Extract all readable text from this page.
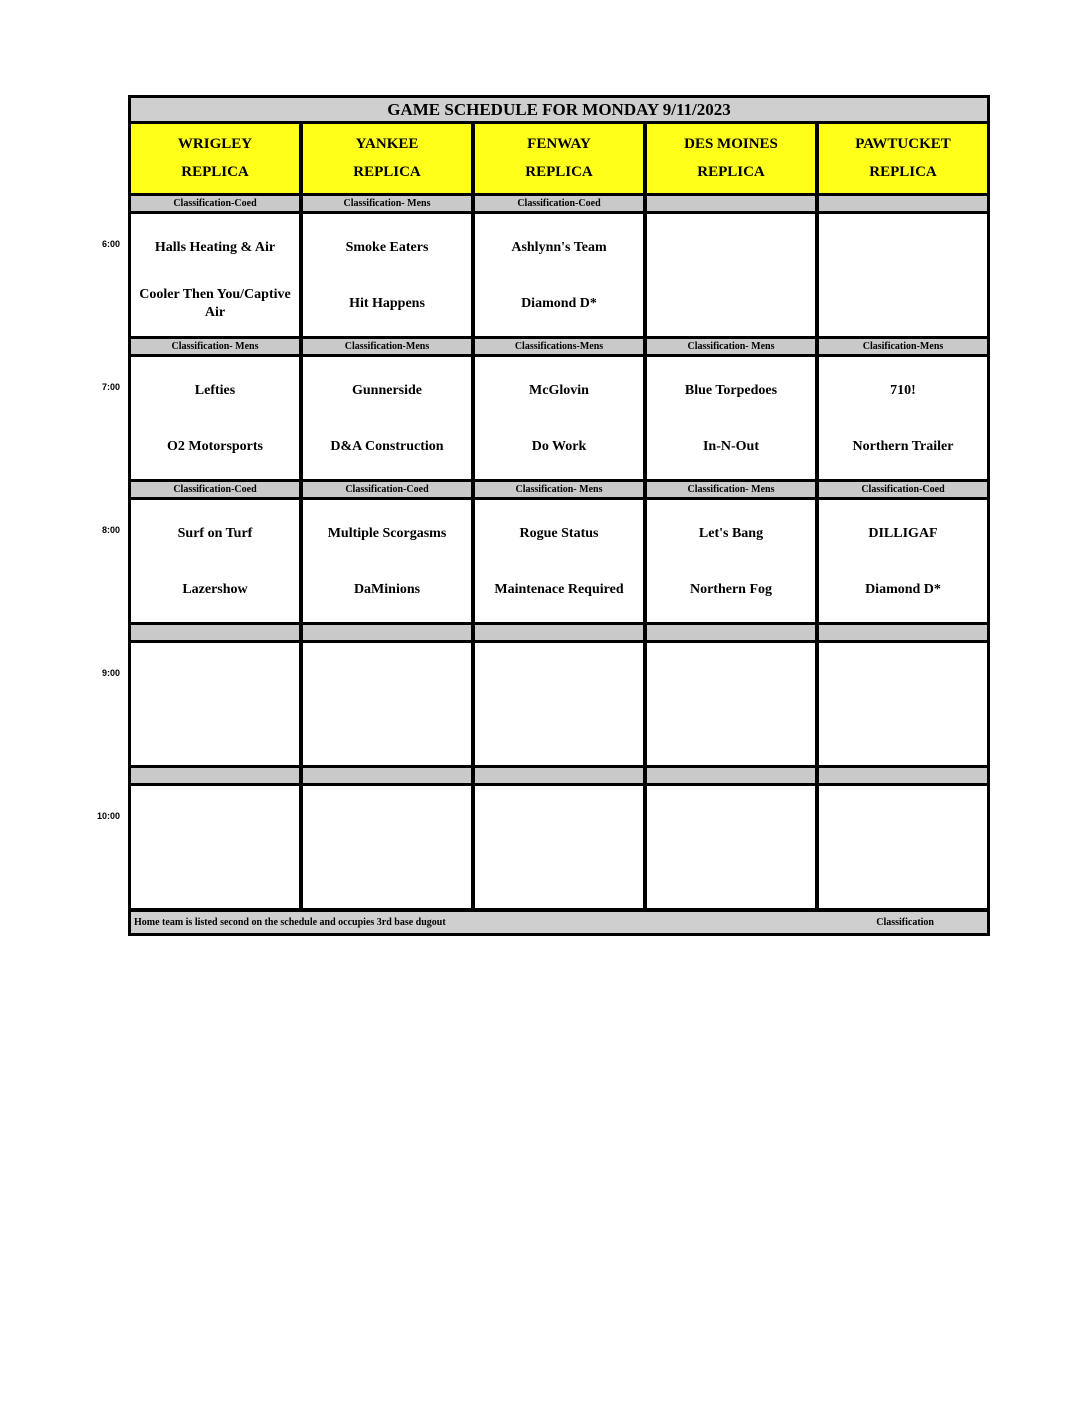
GAME SCHEDULE FOR MONDAY 9/11/2023
Home team is listed second on the schedule and occupies 3rd base dugout	Classification
WRIGLEY
REPLICA
YANKEE
REPLICA
FENWAY
REPLICA
DES MOINES
REPLICA
PAWTUCKET
REPLICA
Classification-Coed
Halls Heating & Air
Cooler Then You/Captive Air
Classification- Mens
Smoke Eaters
Hit Happens
Classification-Coed
Ashlynn's Team
Diamond D*
Classification- Mens
Lefties
O2 Motorsports
Classification-Mens
Gunnerside
D&A Construction
Classifications-Mens
McGlovin
Do Work
Classification- Mens
Blue Torpedoes
In-N-Out
Clasification-Mens
710!
Northern Trailer
Classification-Coed
Surf on Turf
Lazershow
Classification-Coed
Multiple Scorgasms
DaMinions
Classification- Mens
Rogue Status
Maintenace Required
Classification- Mens
Let's Bang
Northern Fog
Classification-Coed
DILLIGAF
Diamond D*
6:00
7:00
8:00
9:00
10:00
